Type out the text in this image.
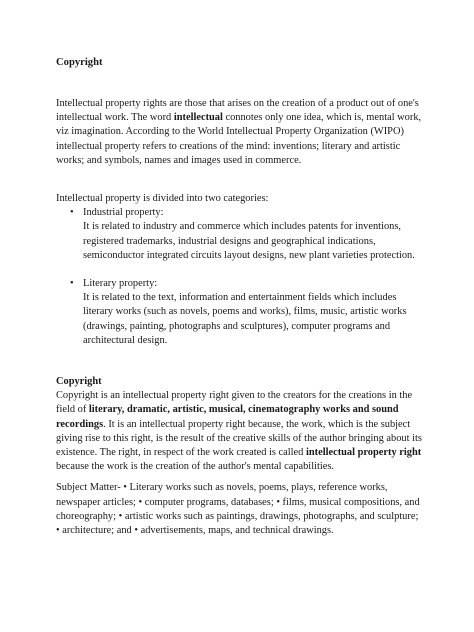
Copyright

Intellectual property rights are those that arises on the creation of a product out of one's intellectual work. The word intellectual connotes only one idea, which is, mental work, viz imagination. According to the World Intellectual Property Organization (WIPO) intellectual property refers to creations of the mind: inventions; literary and artistic works; and symbols, names and images used in commerce.

Intellectual property is divided into two categories:

• Industrial property:
It is related to industry and commerce which includes patents for inventions, registered trademarks, industrial designs and geographical indications, semiconductor integrated circuits layout designs, new plant varieties protection.
• Literary property:
It is related to the text, information and entertainment fields which includes literary works (such as novels, poems and works), films, music, artistic works (drawings, painting, photographs and sculptures), computer programs and architectural design.

Copyright

Copyright is an intellectual property right given to the creators for the creations in the field of literary, dramatic, artistic, musical, cinematography works and sound recordings. It is an intellectual property right because, the work, which is the subject giving rise to this right, is the result of the creative skills of the author bringing about its existence. The right, in respect of the work created is called intellectual property right because the work is the creation of the author's mental capabilities.

Subject Matter- • Literary works such as novels, poems, plays, reference works, newspaper articles; • computer programs, databases; • films, musical compositions, and choreography; • artistic works such as paintings, drawings, photographs, and sculpture; • architecture; and • advertisements, maps, and technical drawings.
